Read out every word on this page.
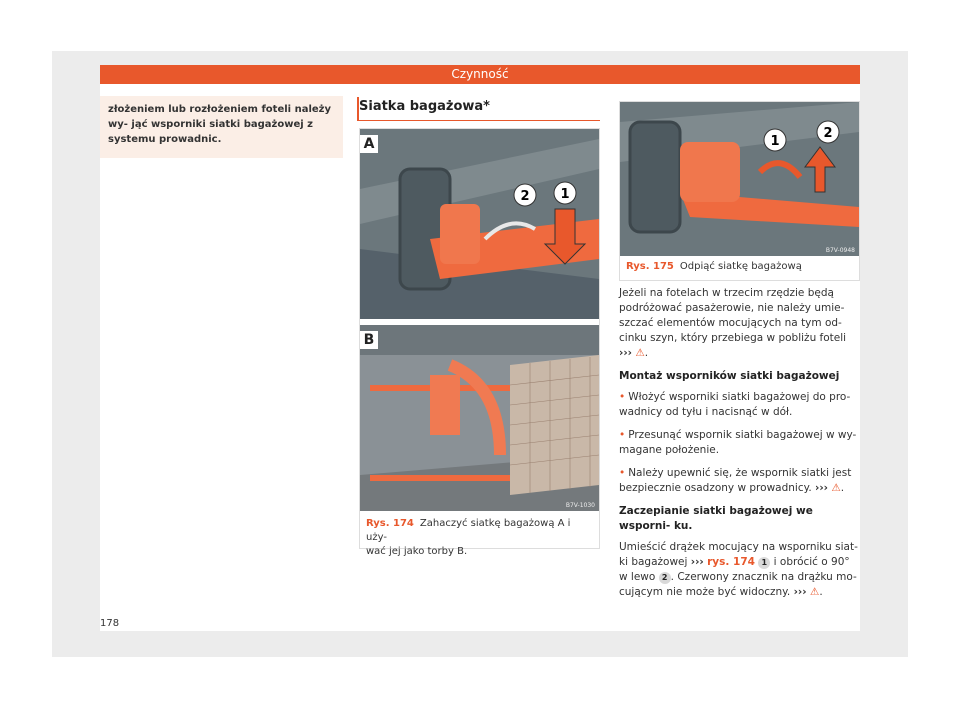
Czynność
złożeniem lub rozłożeniem foteli należy wy- jąć wsporniki siatki bagażowej z systemu prowadnic.
Siatka bagażowa*
2 1
A
B
B7V-1030
Rys. 174 Zahaczyć siatkę bagażową A i uży-
wać jej jako torby B.
1
2
B7V-0948
Rys. 175 Odpiąć siatkę bagażową

Jeżeli na fotelach w trzecim rzędzie będą podróżować pasażerowie, nie należy umie- szczać elementów mocujących na tym od- cinku szyn, który przebiega w pobliżu foteli ››› ⚠.

Montaż wsporników siatki bagażowej

• Włożyć wsporniki siatki bagażowej do pro- wadnicy od tyłu i nacisnąć w dół.

• Przesunąć wspornik siatki bagażowej w wy- magane położenie.

• Należy upewnić się, że wspornik siatki jest bezpiecznie osadzony w prowadnicy. ››› ⚠.

Zaczepianie siatki bagażowej we wsporni- ku.

Umieścić drążek mocujący na wsporniku siat- ki bagażowej ››› rys. 174 1 i obrócić o 90° w lewo 2 . Czerwony znacznik na drążku mo- cującym nie może być widoczny. ››› ⚠.

178
